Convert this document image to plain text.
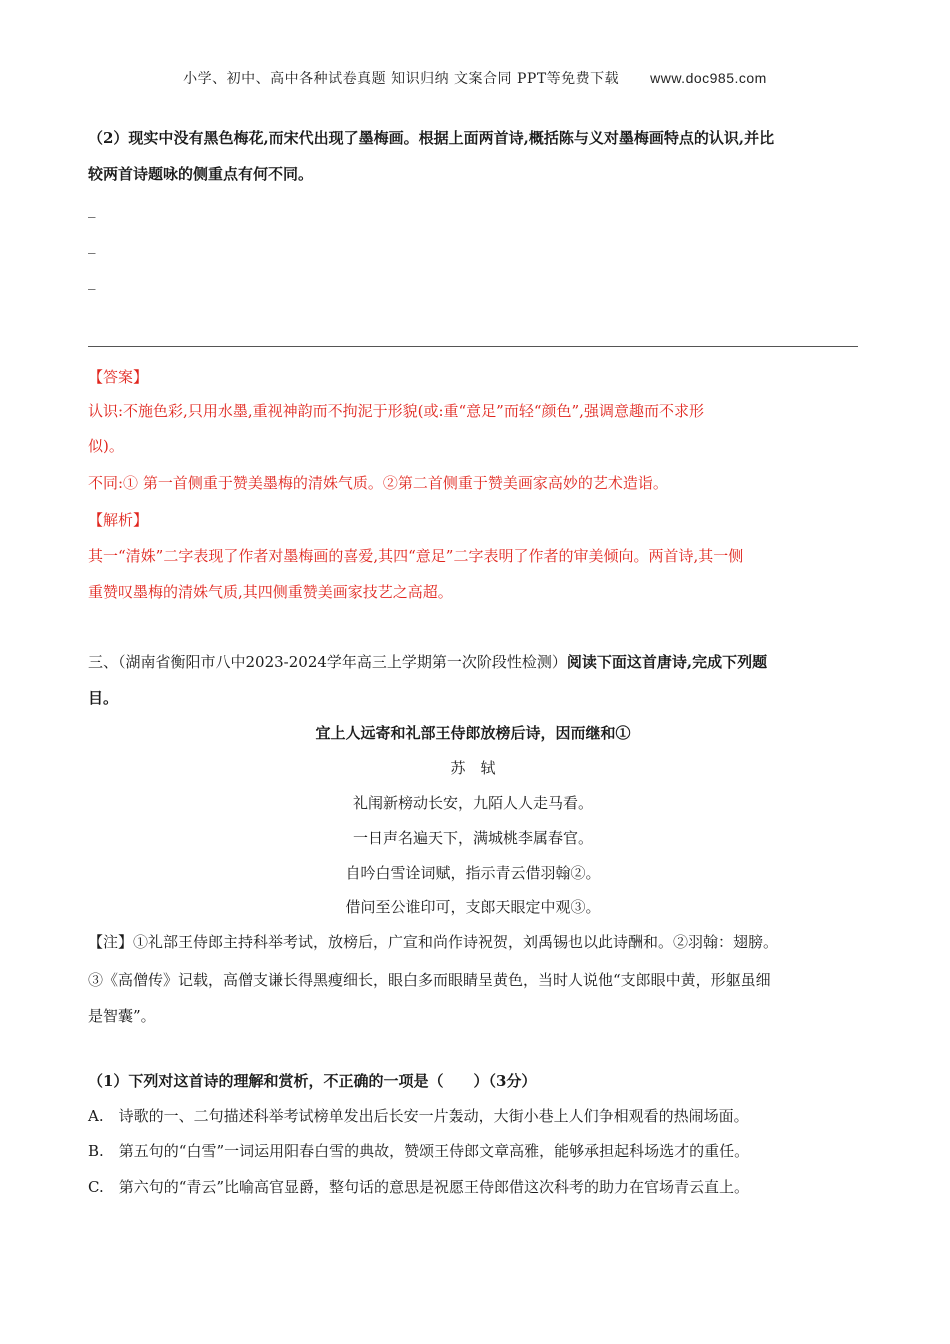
小学、初中、高中各种试卷真题 知识归纳 文案合同 PPT等免费下载 www.doc985.com
（2）现实中没有黑色梅花,而宋代出现了墨梅画。根据上面两首诗,概括陈与义对墨梅画特点的认识,并比
较两首诗题咏的侧重点有何不同。
_
_
_
【答案】
认识:不施色彩,只用水墨,重视神韵而不拘泥于形貌(或:重“意足”而轻“颜色”,强调意趣而不求形
似)。
不同:① 第一首侧重于赞美墨梅的清姝气质。②第二首侧重于赞美画家高妙的艺术造诣。
【解析】
其一“清姝”二字表现了作者对墨梅画的喜爱,其四“意足”二字表明了作者的审美倾向。两首诗,其一侧
重赞叹墨梅的清姝气质,其四侧重赞美画家技艺之高超。
三、（湖南省衡阳市八中2023-2024学年高三上学期第一次阶段性检测）阅读下面这首唐诗,完成下列题
目。
宜上人远寄和礼部王侍郎放榜后诗，因而继和①
苏　轼
礼闱新榜动长安，九陌人人走马看。
一日声名遍天下，满城桃李属春官。
自吟白雪诠词赋，指示青云借羽翰②。
借问至公谁印可，支郎天眼定中观③。
【注】①礼部王侍郎主持科举考试，放榜后，广宣和尚作诗祝贺，刘禹锡也以此诗酬和。②羽翰：翅膀。
③《高僧传》记载，高僧支谦长得黑瘦细长，眼白多而眼睛呈黄色，当时人说他“支郎眼中黄，形躯虽细
是智囊”。
（1）下列对这首诗的理解和赏析，不正确的一项是（　　）（3分）
A.　诗歌的一、二句描述科举考试榜单发出后长安一片轰动，大街小巷上人们争相观看的热闹场面。
B.　第五句的“白雪”一词运用阳春白雪的典故，赞颂王侍郎文章高雅，能够承担起科场选才的重任。
C.　第六句的“青云”比喻高官显爵，整句话的意思是祝愿王侍郎借这次科考的助力在官场青云直上。
